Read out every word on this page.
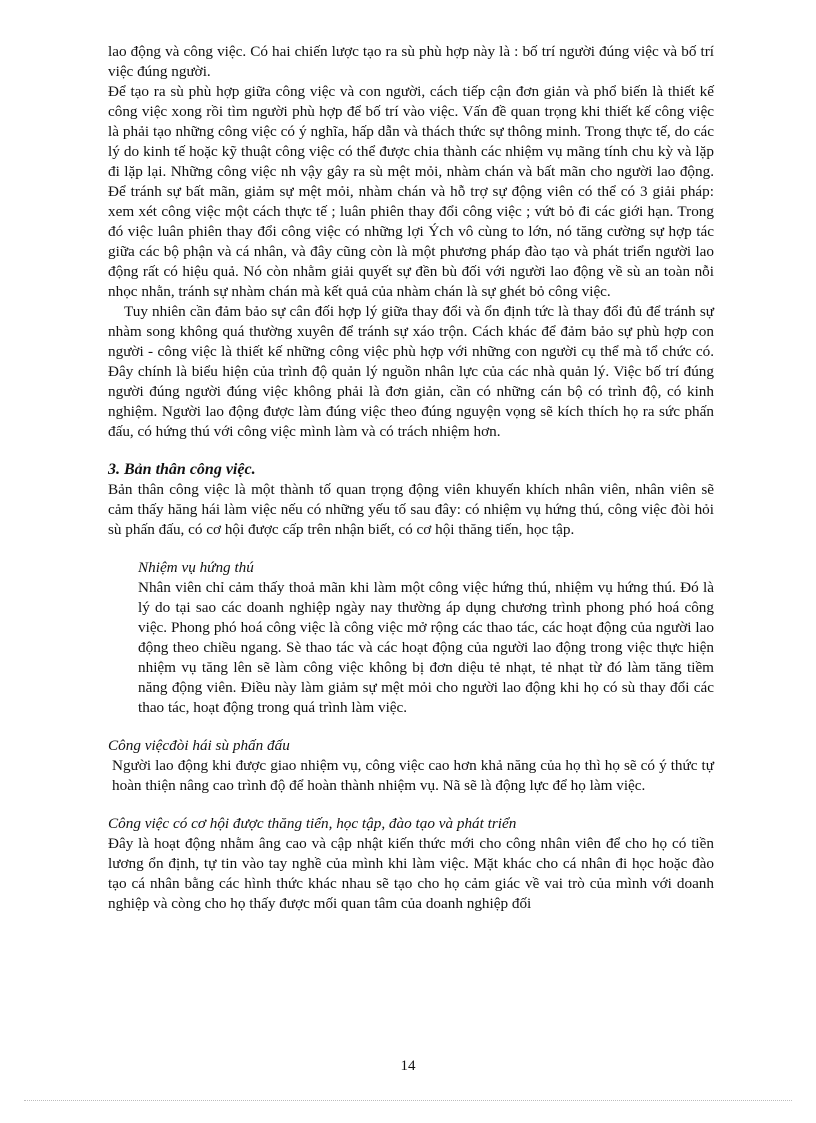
lao động và công việc. Có hai chiến lược tạo ra sù phù hợp này là : bố trí người đúng việc và bố trí việc đúng người.

Để tạo ra sù phù hợp giữa công việc và con người, cách tiếp cận đơn giản và phổ biến là thiết kế công việc xong rồi tìm người phù hợp để bố trí vào việc. Vấn đề quan trọng khi thiết kế công việc là phải tạo những công việc có ý nghĩa, hấp dẫn và thách thức sự thông minh. Trong thực tế, do các lý do kinh tế hoặc kỹ thuật công việc có thể được chia thành các nhiệm vụ mãng tính chu kỳ và lặp đi lặp lại. Những công việc nh vậy gây ra sù mệt mỏi, nhàm chán và bất mãn cho người lao động. Để tránh sự bất mãn, giảm sự mệt mỏi, nhàm chán và hỗ trợ sự động viên có thể có 3 giải pháp: xem xét công việc một cách thực tế ; luân phiên thay đổi công việc ; vứt bỏ đi các giới hạn. Trong đó việc luân phiên thay đổi công việc có những lợi Ých vô cùng to lớn, nó tăng cường sự hợp tác giữa các bộ phận và cá nhân, và đây cũng còn là một phương pháp đào tạo và phát triển người lao động rất có hiệu quả. Nó còn nhằm giải quyết sự đền bù đối với người lao động về sù an toàn nỗi nhọc nhằn, tránh sự nhàm chán mà kết quả của nhàm chán là sự ghét bỏ công việc.

Tuy nhiên cần đảm bảo sự cân đối hợp lý giữa thay đổi và ổn định tức là thay đổi đủ để tránh sự nhàm song không quá thường xuyên để tránh sự xáo trộn. Cách khác để đảm bảo sự phù hợp con người - công việc là thiết kế những công việc phù hợp với những con người cụ thể mà tổ chức có. Đây chính là biểu hiện của trình độ quản lý nguồn nhân lực của các nhà quản lý. Việc bố trí đúng người đúng người đúng việc không phải là đơn giản, cần có những cán bộ có trình độ, có kinh nghiệm. Người lao động được làm đúng việc theo đúng nguyện vọng sẽ kích thích họ ra sức phấn đấu, có hứng thú với công việc mình làm và có trách nhiệm hơn.

3. Bản thân công việc.

Bản thân công việc là một thành tố quan trọng động viên khuyến khích nhân viên, nhân viên sẽ cảm thấy hăng hái làm việc nếu có những yếu tố sau đây: có nhiệm vụ hứng thú, công việc đòi hỏi sù phấn đấu, có cơ hội được cấp trên nhận biết, có cơ hội thăng tiến, học tập.

Nhiệm vụ hứng thú

Nhân viên chỉ cảm thấy thoả mãn khi làm một công việc hứng thú, nhiệm vụ hứng thú. Đó là lý do tại sao các doanh nghiệp ngày nay thường áp dụng chương trình phong phó hoá công việc. Phong phó hoá công việc là công việc mở rộng các thao tác, các hoạt động của người lao động theo chiều ngang. Sè thao tác và các hoạt động của người lao động trong việc thực hiện nhiệm vụ tăng lên sẽ làm công việc không bị đơn diệu tẻ nhạt, tẻ nhạt từ đó làm tăng tiềm năng động viên. Điều này làm giảm sự mệt mỏi cho người lao động khi họ có sù thay đổi các thao tác, hoạt động trong quá trình làm việc.

Công việcđòi hái sù phấn đấu

Người lao động khi được giao nhiệm vụ, công việc cao hơn khả năng của họ thì họ sẽ có ý thức tự hoàn thiện nâng cao trình độ để hoàn thành nhiệm vụ. Nã sẽ là động lực để họ làm việc.

Công việc có cơ hội được thăng tiến, học tập, đào tạo và phát triển

Đây là hoạt động nhằm âng cao và cập nhật kiến thức mới cho công nhân viên để cho họ có tiền lương ổn định, tự tin vào tay nghề của mình khi làm việc. Mặt khác cho cá nhân đi học hoặc đào tạo cá nhân bằng các hình thức khác nhau sẽ tạo cho họ cảm giác về vai trò của mình với doanh nghiệp và còng cho họ thấy được mối quan tâm của doanh nghiệp đối

14
